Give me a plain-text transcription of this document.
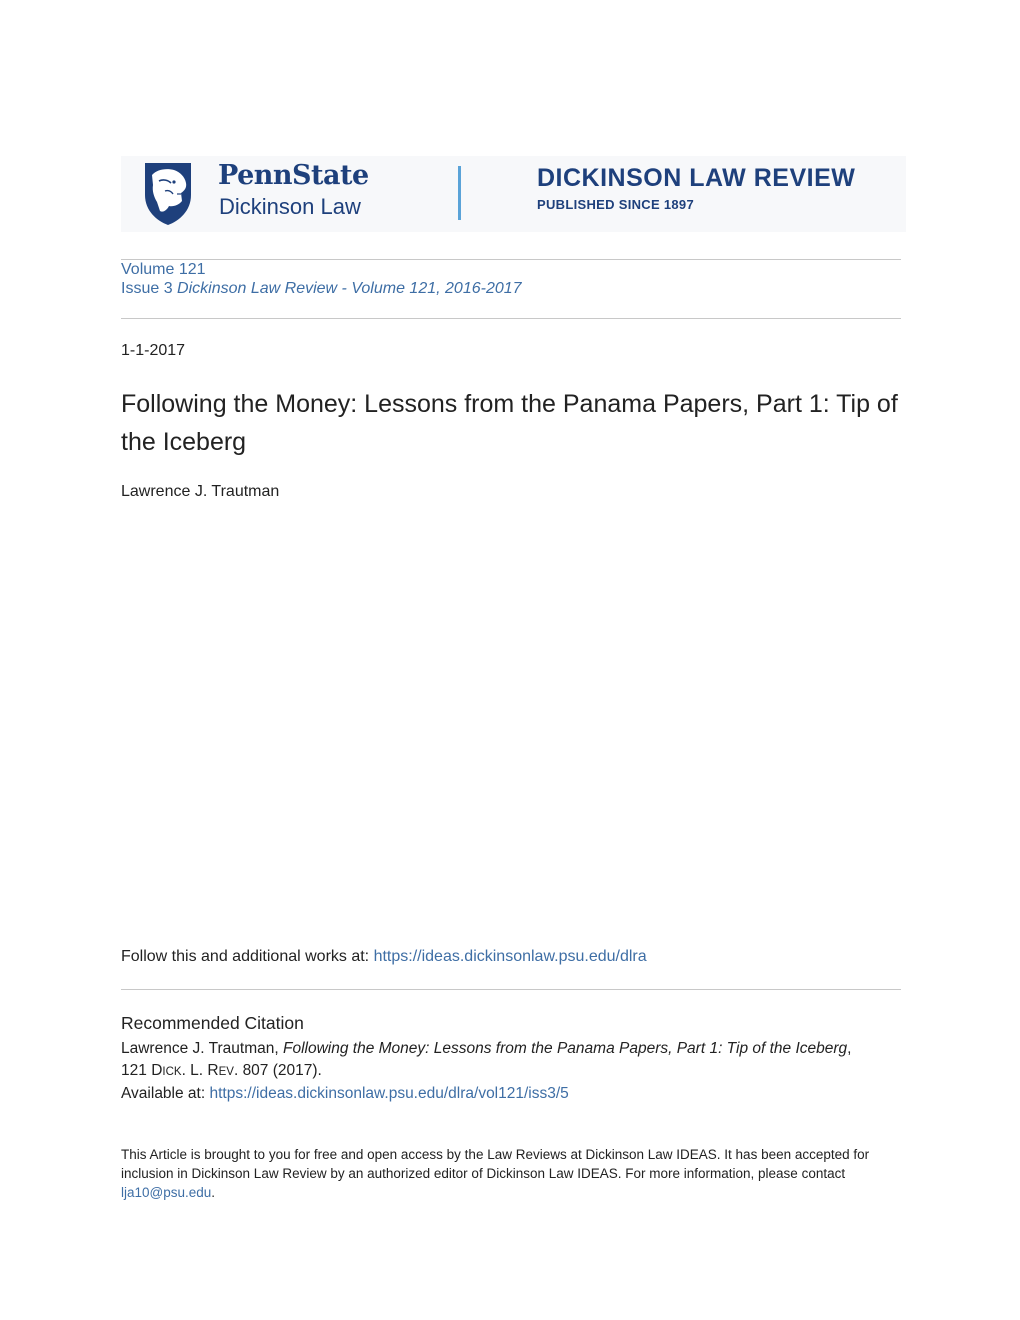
PennState
Dickinson Law
DICKINSON LAW REVIEW
PUBLISHED SINCE 1897
Volume 121
Issue 3 Dickinson Law Review - Volume 121, 2016-2017
1-1-2017
Following the Money: Lessons from the Panama Papers, Part 1: Tip of the Iceberg
Lawrence J. Trautman
Follow this and additional works at: https://ideas.dickinsonlaw.psu.edu/dlra
Recommended Citation
Lawrence J. Trautman, Following the Money: Lessons from the Panama Papers, Part 1: Tip of the Iceberg,
121 DICK. L. REV. 807 (2017).
Available at: https://ideas.dickinsonlaw.psu.edu/dlra/vol121/iss3/5
This Article is brought to you for free and open access by the Law Reviews at Dickinson Law IDEAS. It has been accepted for inclusion in Dickinson Law Review by an authorized editor of Dickinson Law IDEAS. For more information, please contact lja10@psu.edu.
